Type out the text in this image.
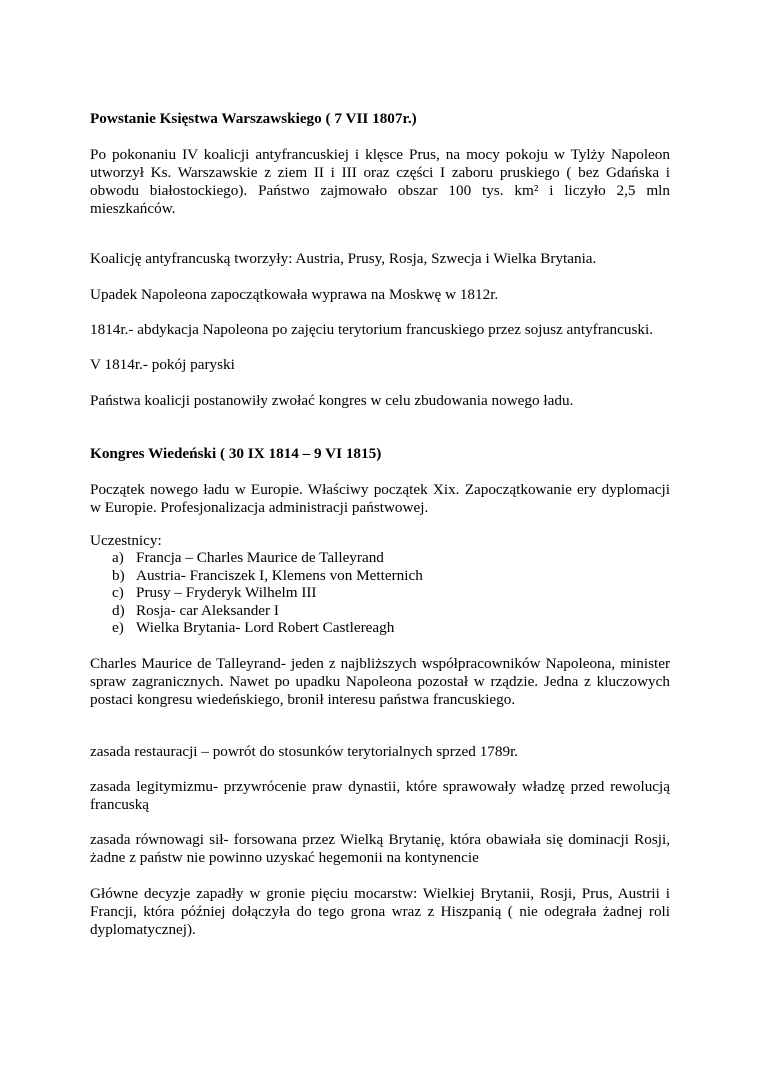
Powstanie Księstwa Warszawskiego ( 7 VII 1807r.)
Po pokonaniu IV koalicji antyfrancuskiej i klęsce Prus, na mocy pokoju w Tylży Napoleon
utworzył Ks. Warszawskie z ziem II i III oraz części I zaboru pruskiego ( bez Gdańska i
obwodu białostockiego). Państwo zajmowało obszar 100 tys. km² i liczyło 2,5 mln
mieszkańców.
Koalicję antyfrancuską tworzyły: Austria, Prusy, Rosja, Szwecja i Wielka Brytania.
Upadek Napoleona zapoczątkowała wyprawa na Moskwę w 1812r.
1814r.- abdykacja Napoleona po zajęciu terytorium francuskiego przez sojusz antyfrancuski.
V 1814r.- pokój paryski
Państwa koalicji postanowiły zwołać kongres w celu zbudowania nowego ładu.
Kongres Wiedeński ( 30 IX 1814 – 9 VI 1815)
Początek nowego ładu w Europie. Właściwy początek Xix. Zapoczątkowanie ery dyplomacji
w Europie. Profesjonalizacja administracji państwowej.
Uczestnicy:
a) Francja – Charles Maurice de Talleyrand
b) Austria- Franciszek I, Klemens von Metternich
c) Prusy – Fryderyk Wilhelm III
d) Rosja- car Aleksander I
e) Wielka Brytania- Lord Robert Castlereagh
Charles Maurice de Talleyrand- jeden z najbliższych współpracowników Napoleona, minister
spraw zagranicznych. Nawet po upadku Napoleona pozostał w rządzie. Jedna z kluczowych
postaci kongresu wiedeńskiego, bronił interesu państwa francuskiego.
zasada restauracji – powrót do stosunków terytorialnych sprzed 1789r.
zasada legitymizmu- przywrócenie praw dynastii, które sprawowały władzę przed rewolucją
francuską
zasada równowagi sił- forsowana przez Wielką Brytanię, która obawiała się dominacji Rosji,
żadne z państw nie powinno uzyskać hegemonii na kontynencie
Główne decyzje zapadły w gronie pięciu mocarstw: Wielkiej Brytanii, Rosji, Prus, Austrii i
Francji, która później dołączyła do tego grona wraz z Hiszpanią ( nie odegrała żadnej roli
dyplomatycznej).
